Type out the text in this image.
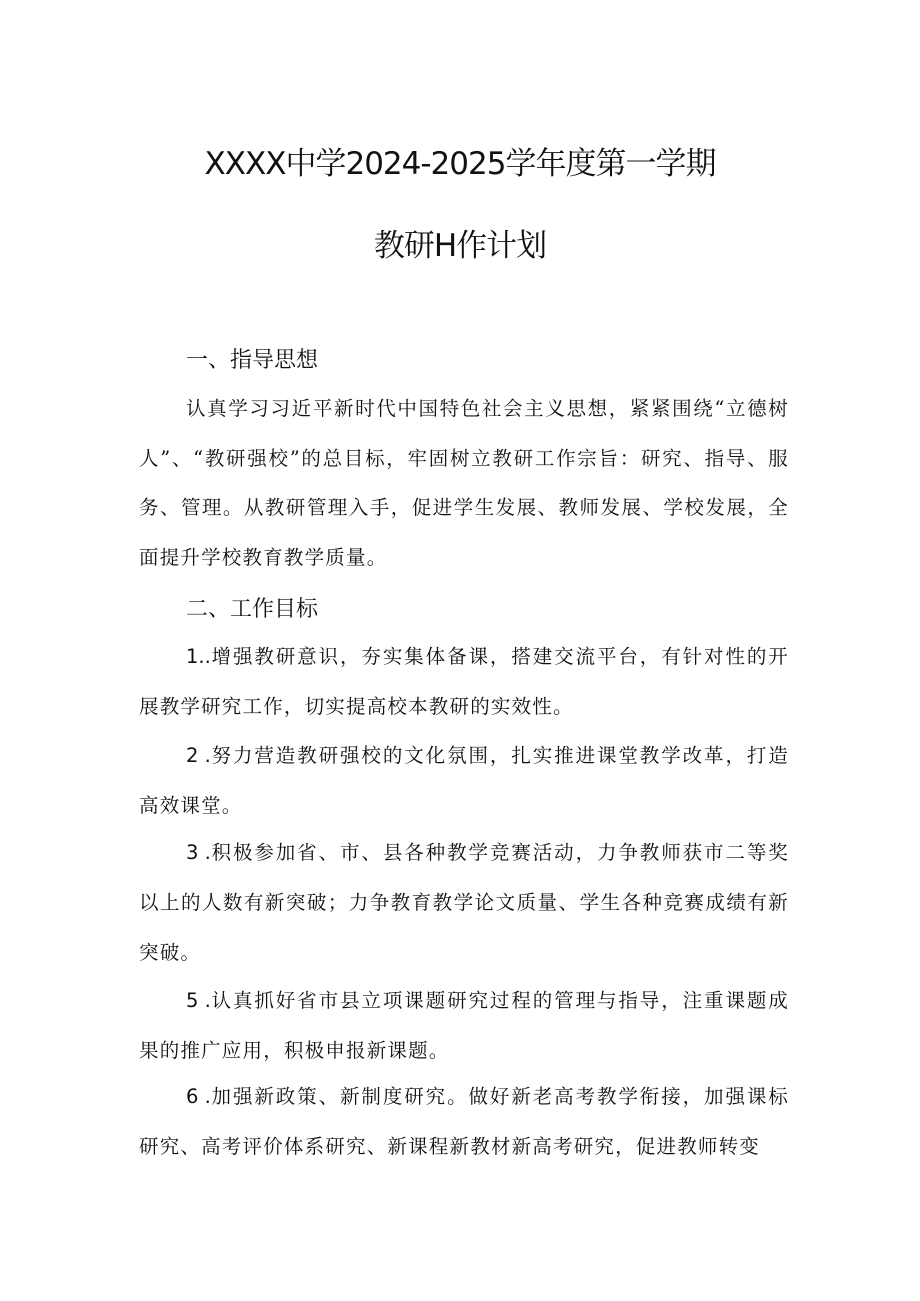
XXXX中学2024-2025学年度第一学期
教研H作计划
一、指导思想
认真学习习近平新时代中国特色社会主义思想，紧紧围绕“立德树人”、“教研强校”的总目标，牢固树立教研工作宗旨：研究、指导、服务、管理。从教研管理入手，促进学生发展、教师发展、学校发展，全面提升学校教育教学质量。
二、工作目标
1..增强教研意识，夯实集体备课，搭建交流平台，有针对性的开展教学研究工作，切实提高校本教研的实效性。
2 .努力营造教研强校的文化氛围，扎实推进课堂教学改革，打造高效课堂。
3 .积极参加省、市、县各种教学竞赛活动，力争教师获市二等奖以上的人数有新突破；力争教育教学论文质量、学生各种竞赛成绩有新突破。
5 .认真抓好省市县立项课题研究过程的管理与指导，注重课题成果的推广应用，积极申报新课题。
6 .加强新政策、新制度研究。做好新老高考教学衔接，加强课标研究、高考评价体系研究、新课程新教材新高考研究，促进教师转变
